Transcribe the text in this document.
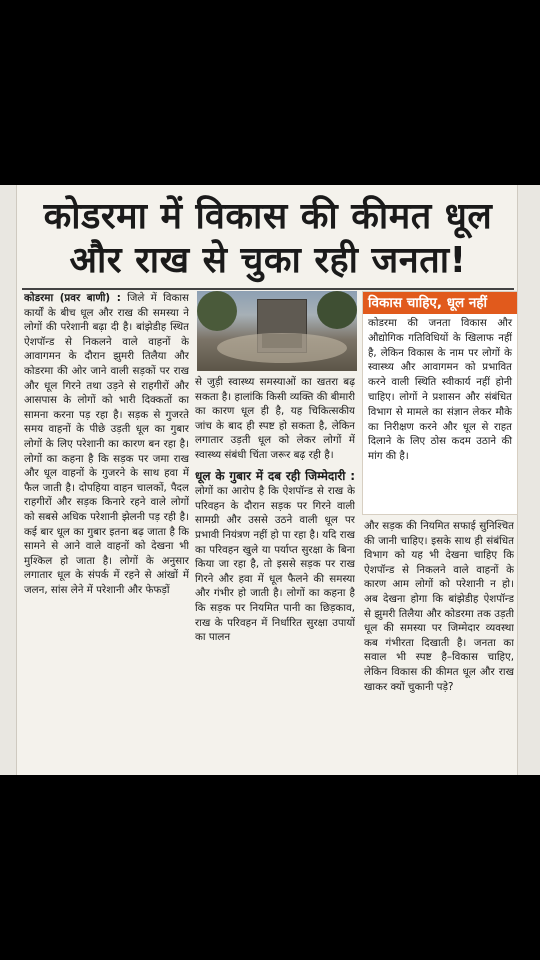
कोडरमा में विकास की कीमत धूल
और राख से चुका रही जनता!
कोडरमा (प्रवर बाणी) : जिले में विकास कार्यों के बीच धूल और राख की समस्या ने लोगों की परेशानी बढ़ा दी है। बांझेडीह स्थित ऐशपॉन्ड से निकलने वाले वाहनों के आवागमन के दौरान झुमरी तिलैया और कोडरमा की ओर जाने वाली सड़कों पर राख और धूल गिरने तथा उड़ने से राहगीरों और आसपास के लोगों को भारी दिक्कतों का सामना करना पड़ रहा है। सड़क से गुजरते समय वाहनों के पीछे उड़ती धूल का गुबार लोगों के लिए परेशानी का कारण बन रहा है। लोगों का कहना है कि सड़क पर जमा राख और धूल वाहनों के गुजरने के साथ हवा में फैल जाती है। दोपहिया वाहन चालकों, पैदल राहगीरों और सड़क किनारे रहने वाले लोगों को सबसे अधिक परेशानी झेलनी पड़ रही है। कई बार धूल का गुबार इतना बढ़ जाता है कि सामने से आने वाले वाहनों को देखना भी मुश्किल हो जाता है। लोगों के अनुसार लगातार धूल के संपर्क में रहने से आंखों में जलन, सांस लेने में परेशानी और फेफड़ों
से जुड़ी स्वास्थ्य समस्याओं का खतरा बढ़ सकता है। हालांकि किसी व्यक्ति की बीमारी का कारण धूल ही है, यह चिकित्सकीय जांच के बाद ही स्पष्ट हो सकता है, लेकिन लगातार उड़ती धूल को लेकर लोगों में स्वास्थ्य संबंधी चिंता जरूर बढ़ रही है।
धूल के गुबार में दब रही जिम्मेदारी : लोगों का आरोप है कि ऐशपॉन्ड से राख के परिवहन के दौरान सड़क पर गिरने वाली सामग्री और उससे उठने वाली धूल पर प्रभावी नियंत्रण नहीं हो पा रहा है। यदि राख का परिवहन खुले या पर्याप्त सुरक्षा के बिना किया जा रहा है, तो इससे सड़क पर राख गिरने और हवा में धूल फैलने की समस्या और गंभीर हो जाती है। लोगों का कहना है कि सड़क पर नियमित पानी का छिड़काव, राख के परिवहन में निर्धारित सुरक्षा उपायों का पालन
विकास चाहिए, धूल नहीं
कोडरमा की जनता विकास और औद्योगिक गतिविधियों के खिलाफ नहीं है, लेकिन विकास के नाम पर लोगों के स्वास्थ्य और आवागमन को प्रभावित करने वाली स्थिति स्वीकार्य नहीं होनी चाहिए। लोगों ने प्रशासन और संबंधित विभाग से मामले का संज्ञान लेकर मौके का निरीक्षण करने और धूल से राहत दिलाने के लिए ठोस कदम उठाने की मांग की है।
और सड़क की नियमित सफाई सुनिश्चित की जानी चाहिए। इसके साथ ही संबंधित विभाग को यह भी देखना चाहिए कि ऐशपॉन्ड से निकलने वाले वाहनों के कारण आम लोगों को परेशानी न हो। अब देखना होगा कि बांझेडीह ऐशपॉन्ड से झुमरी तिलैया और कोडरमा तक उड़ती धूल की समस्या पर जिम्मेदार व्यवस्था कब गंभीरता दिखाती है। जनता का सवाल भी स्पष्ट है–विकास चाहिए, लेकिन विकास की कीमत धूल और राख खाकर क्यों चुकानी पड़े?
